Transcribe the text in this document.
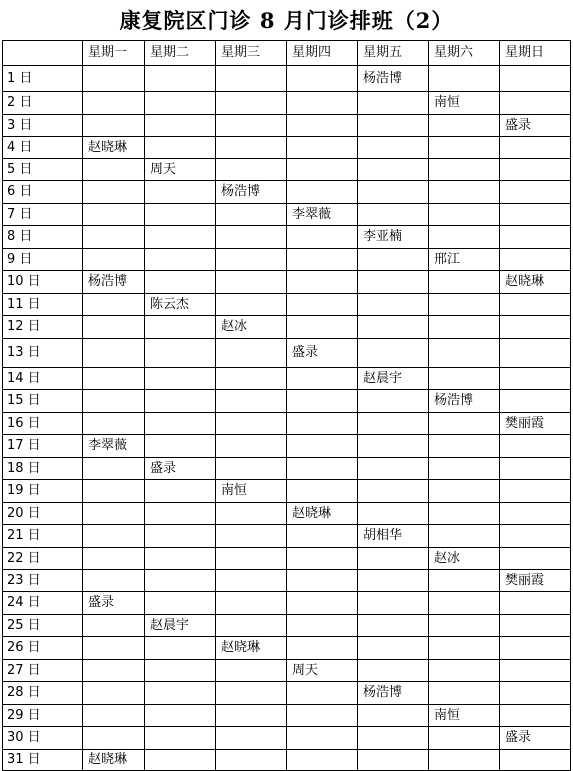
康复院区门诊 8 月门诊排班（2）
	星期一	星期二	星期三	星期四	星期五	星期六	星期日
1 日					杨浩博		
2 日						南恒	
3 日							盛录
4 日	赵晓琳						
5 日		周天					
6 日			杨浩博				
7 日				李翠薇			
8 日					李亚楠		
9 日						邢江	
10 日	杨浩博						赵晓琳
11 日		陈云杰					
12 日			赵冰				
13 日				盛录			
14 日					赵晨宇		
15 日						杨浩博	
16 日							樊丽霞
17 日	李翠薇						
18 日		盛录					
19 日			南恒				
20 日				赵晓琳			
21 日					胡相华		
22 日						赵冰	
23 日							樊丽霞
24 日	盛录						
25 日		赵晨宇					
26 日			赵晓琳				
27 日				周天			
28 日					杨浩博		
29 日						南恒	
30 日							盛录
31 日	赵晓琳						
